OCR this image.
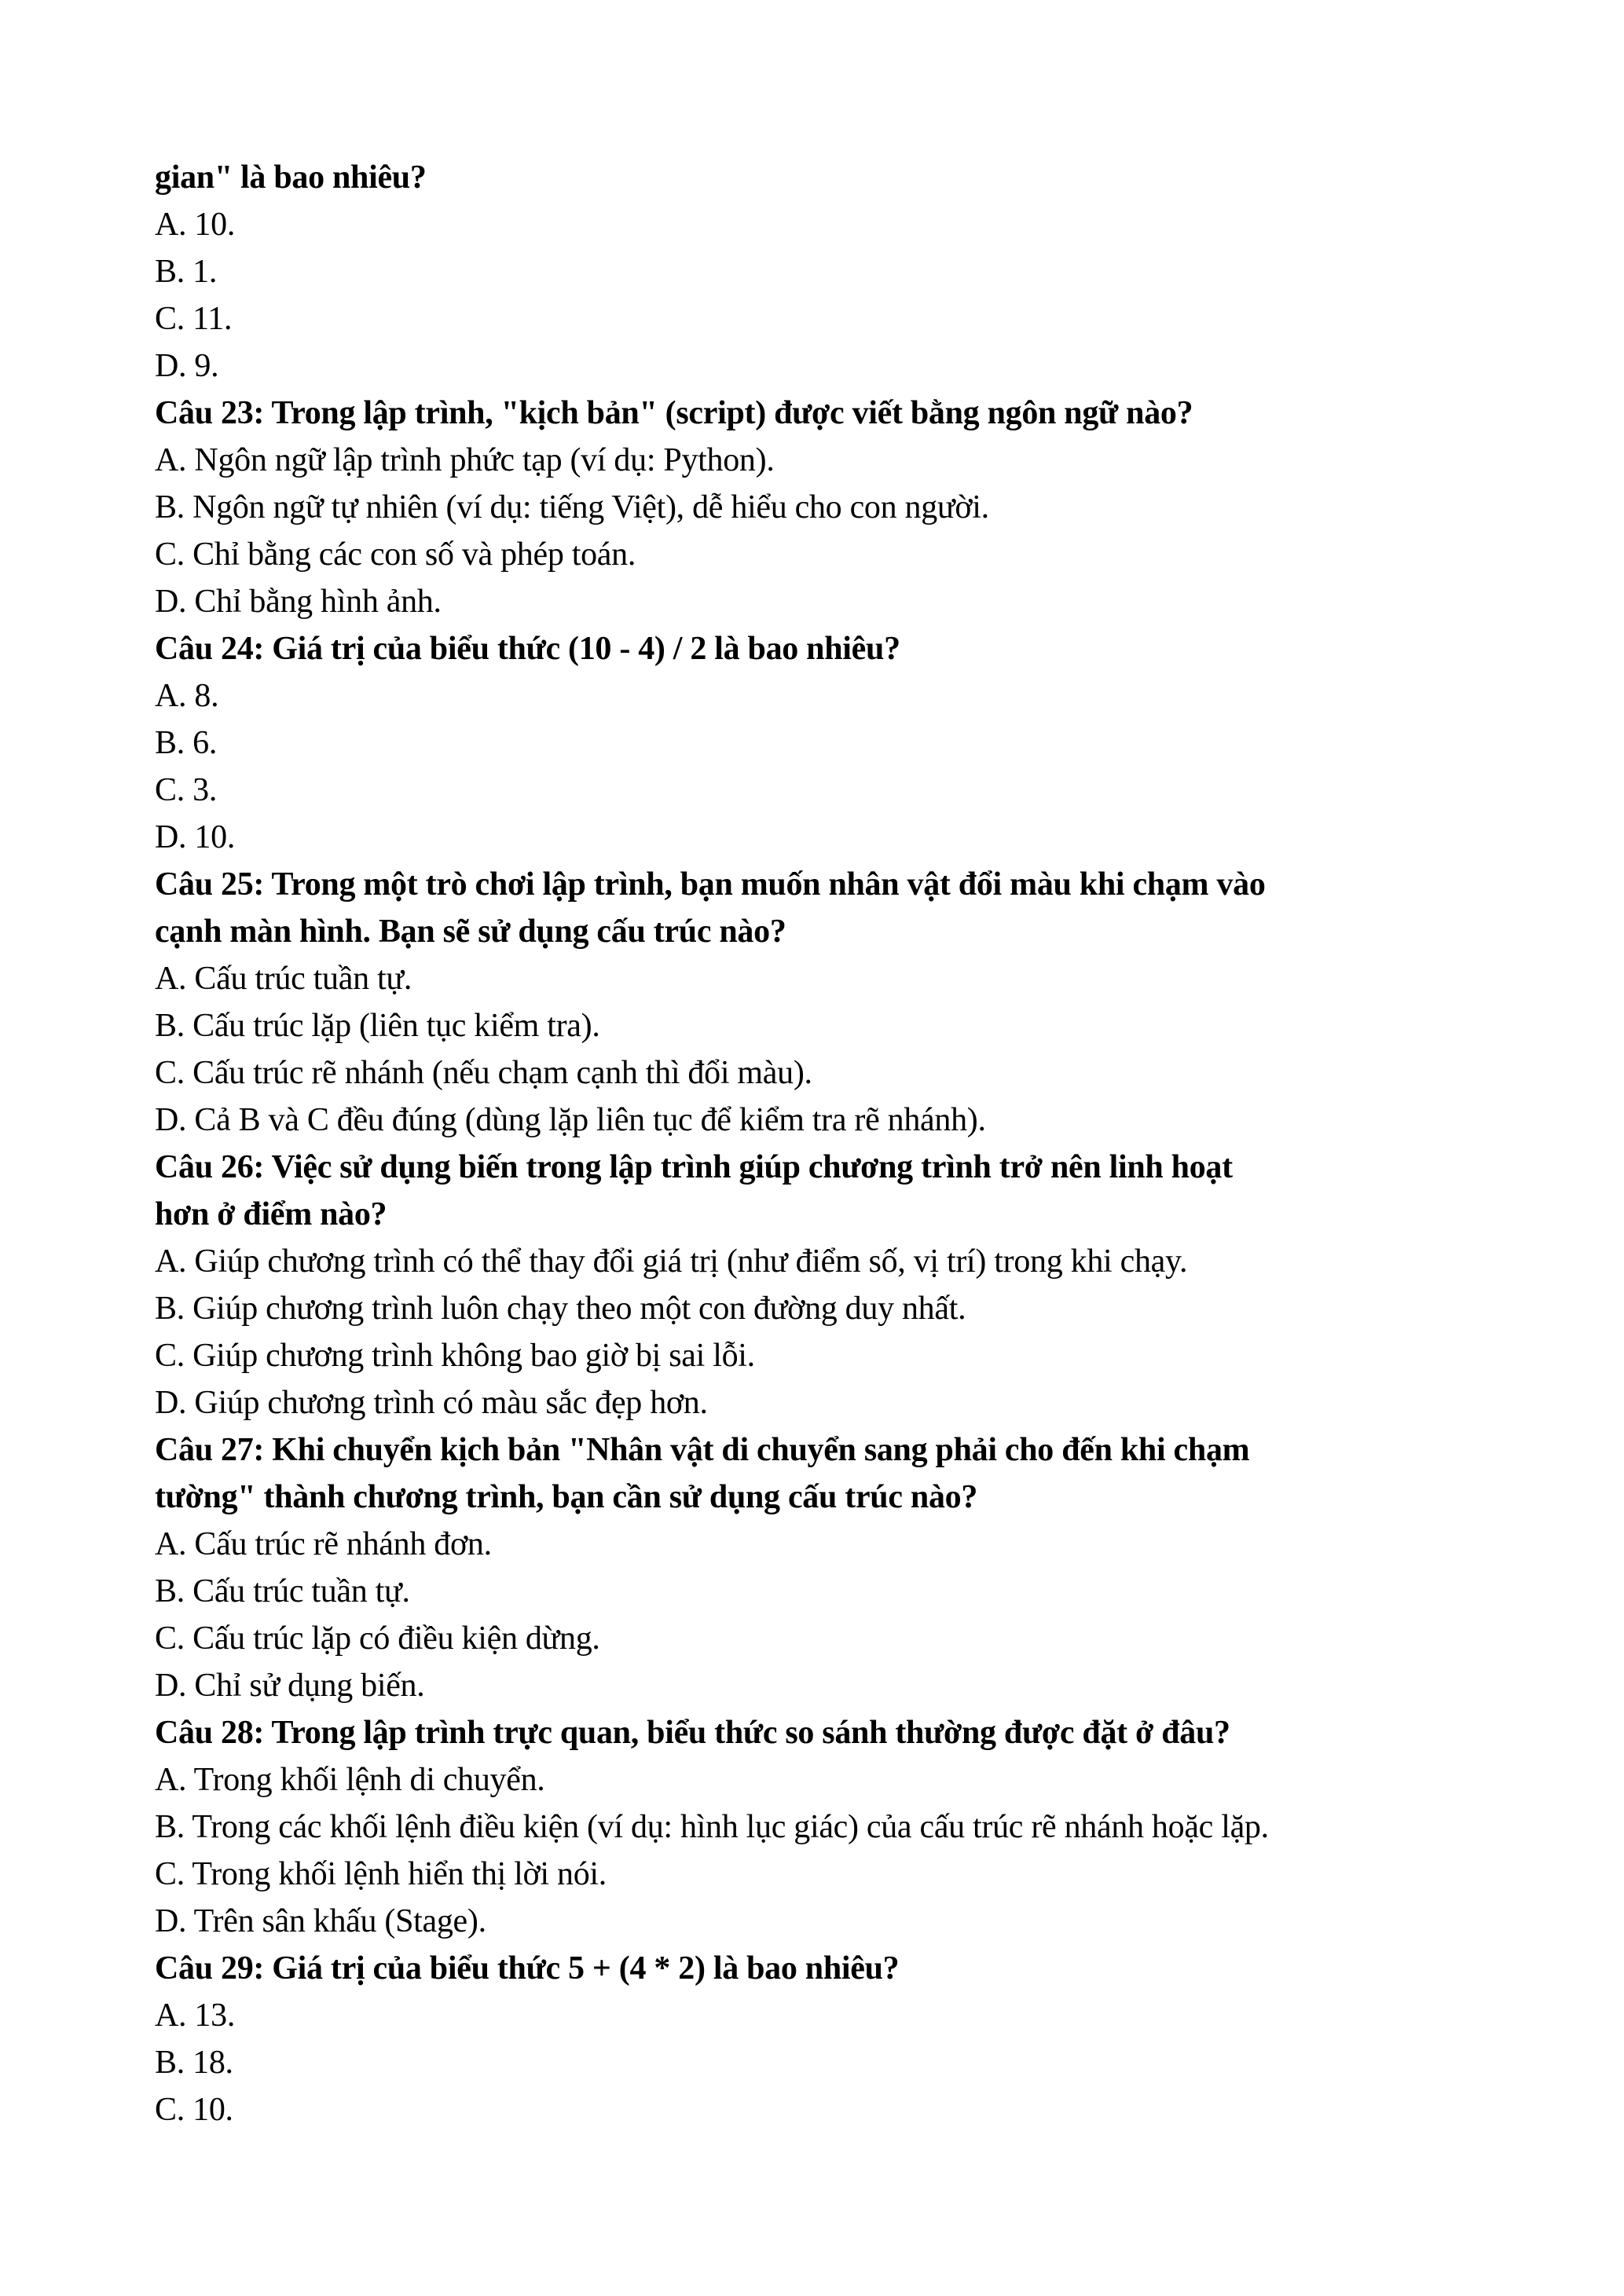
gian" là bao nhiêu?
A. 10.
B. 1.
C. 11.
D. 9.
Câu 23: Trong lập trình, "kịch bản" (script) được viết bằng ngôn ngữ nào?
A. Ngôn ngữ lập trình phức tạp (ví dụ: Python).
B. Ngôn ngữ tự nhiên (ví dụ: tiếng Việt), dễ hiểu cho con người.
C. Chỉ bằng các con số và phép toán.
D. Chỉ bằng hình ảnh.
Câu 24: Giá trị của biểu thức (10 - 4) / 2 là bao nhiêu?
A. 8.
B. 6.
C. 3.
D. 10.
Câu 25: Trong một trò chơi lập trình, bạn muốn nhân vật đổi màu khi chạm vào
cạnh màn hình. Bạn sẽ sử dụng cấu trúc nào?
A. Cấu trúc tuần tự.
B. Cấu trúc lặp (liên tục kiểm tra).
C. Cấu trúc rẽ nhánh (nếu chạm cạnh thì đổi màu).
D. Cả B và C đều đúng (dùng lặp liên tục để kiểm tra rẽ nhánh).
Câu 26: Việc sử dụng biến trong lập trình giúp chương trình trở nên linh hoạt
hơn ở điểm nào?
A. Giúp chương trình có thể thay đổi giá trị (như điểm số, vị trí) trong khi chạy.
B. Giúp chương trình luôn chạy theo một con đường duy nhất.
C. Giúp chương trình không bao giờ bị sai lỗi.
D. Giúp chương trình có màu sắc đẹp hơn.
Câu 27: Khi chuyển kịch bản "Nhân vật di chuyển sang phải cho đến khi chạm
tường" thành chương trình, bạn cần sử dụng cấu trúc nào?
A. Cấu trúc rẽ nhánh đơn.
B. Cấu trúc tuần tự.
C. Cấu trúc lặp có điều kiện dừng.
D. Chỉ sử dụng biến.
Câu 28: Trong lập trình trực quan, biểu thức so sánh thường được đặt ở đâu?
A. Trong khối lệnh di chuyển.
B. Trong các khối lệnh điều kiện (ví dụ: hình lục giác) của cấu trúc rẽ nhánh hoặc lặp.
C. Trong khối lệnh hiển thị lời nói.
D. Trên sân khấu (Stage).
Câu 29: Giá trị của biểu thức 5 + (4 * 2) là bao nhiêu?
A. 13.
B. 18.
C. 10.
